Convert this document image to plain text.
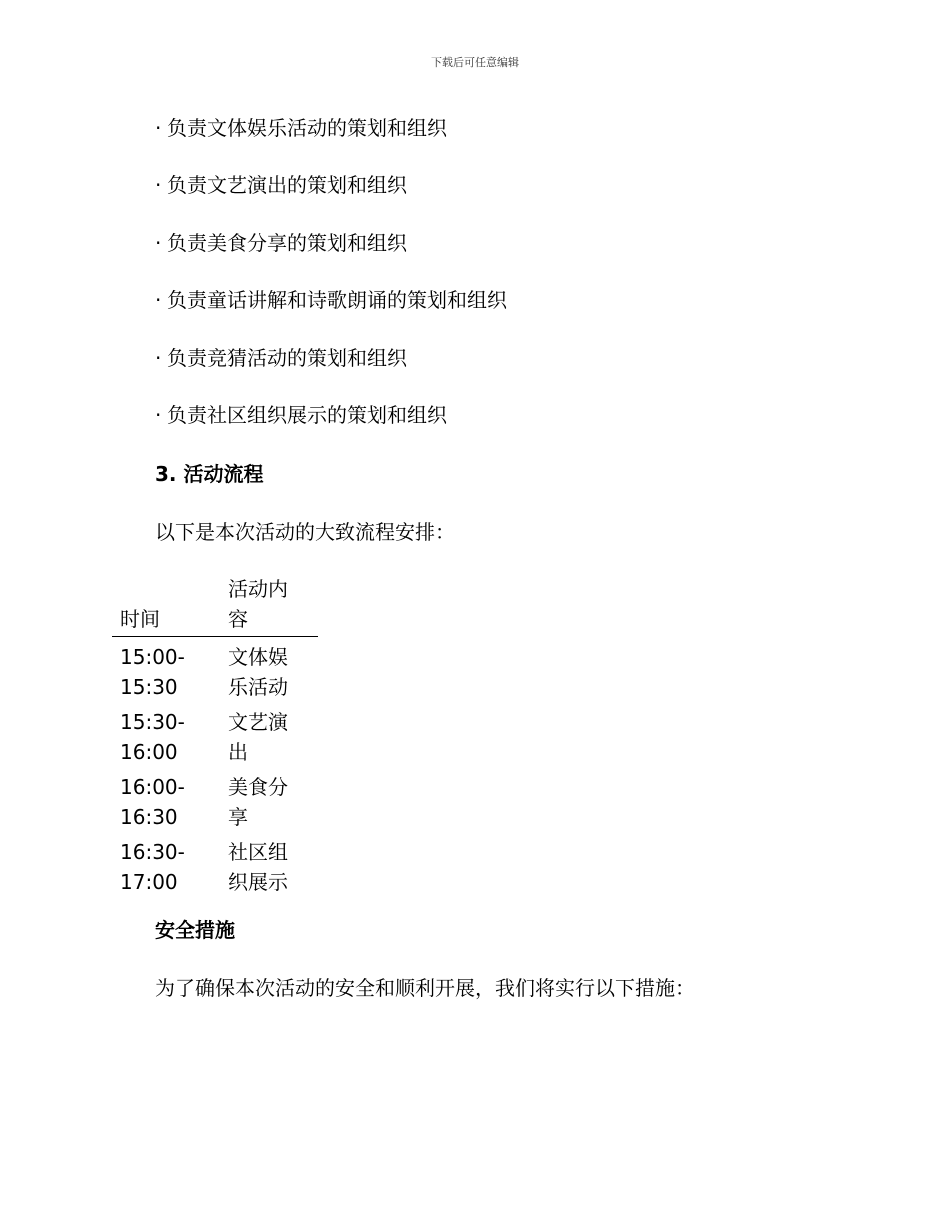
下载后可任意编辑
· 负责文体娱乐活动的策划和组织
· 负责文艺演出的策划和组织
· 负责美食分享的策划和组织
· 负责童话讲解和诗歌朗诵的策划和组织
· 负责竞猜活动的策划和组织
· 负责社区组织展示的策划和组织
3. 活动流程
以下是本次活动的大致流程安排：
时间
活动内容
15:00-15:30
文体娱乐活动
15:30-16:00
文艺演出
16:00-16:30
美食分享
16:30-17:00
社区组织展示
安全措施
为了确保本次活动的安全和顺利开展，我们将实行以下措施：
